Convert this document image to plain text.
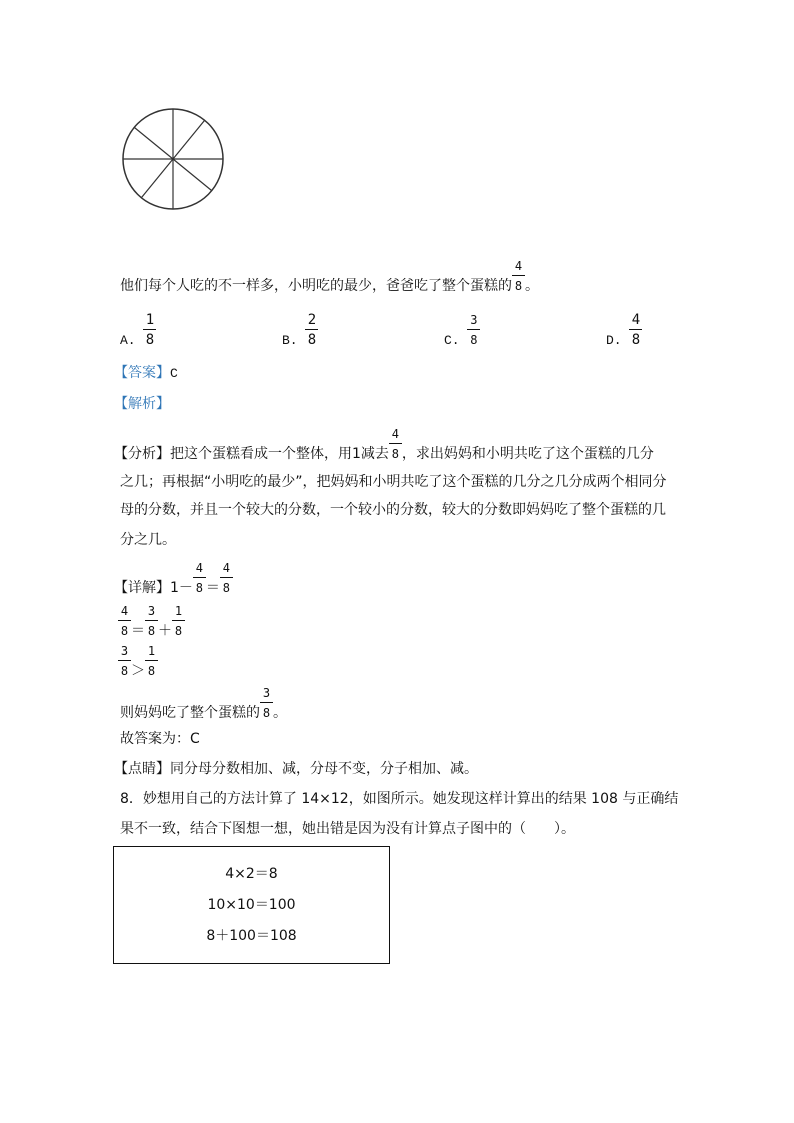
他们每个人吃的不一样多，小明吃的最少，爸爸吃了整个蛋糕的 $\frac{4}{8}$。
A. $\frac{1}{8}$	B. $\frac{2}{8}$	C. $\frac{3}{8}$	D. $\frac{4}{8}$
【答案】C
【解析】
【分析】把这个蛋糕看成一个整体，用1减去 $\frac{4}{8}$，求出妈妈和小明共吃了这个蛋糕的几分
之几；再根据“小明吃的最少”，把妈妈和小明共吃了这个蛋糕的几分之几分成两个相同分
母的分数，并且一个较大的分数，一个较小的分数，较大的分数即妈妈吃了整个蛋糕的几
分之几。
【详解】$1- \frac{4}{8}= \frac{4}{8}$
$\frac{4}{8}= \frac{3}{8}+ \frac{1}{8}$
$\frac{3}{8}> \frac{1}{8}$
则妈妈吃了整个蛋糕的 $\frac{3}{8}$。
故答案为：C
【点睛】同分母分数相加、减，分母不变，分子相加、减。
8．妙想用自己的方法计算了 14×12，如图所示。她发现这样计算出的结果 108 与正确结
果不一致，结合下图想一想，她出错是因为没有计算点子图中的（　　）。
4×2＝8
10×10＝100
8＋100＝108
